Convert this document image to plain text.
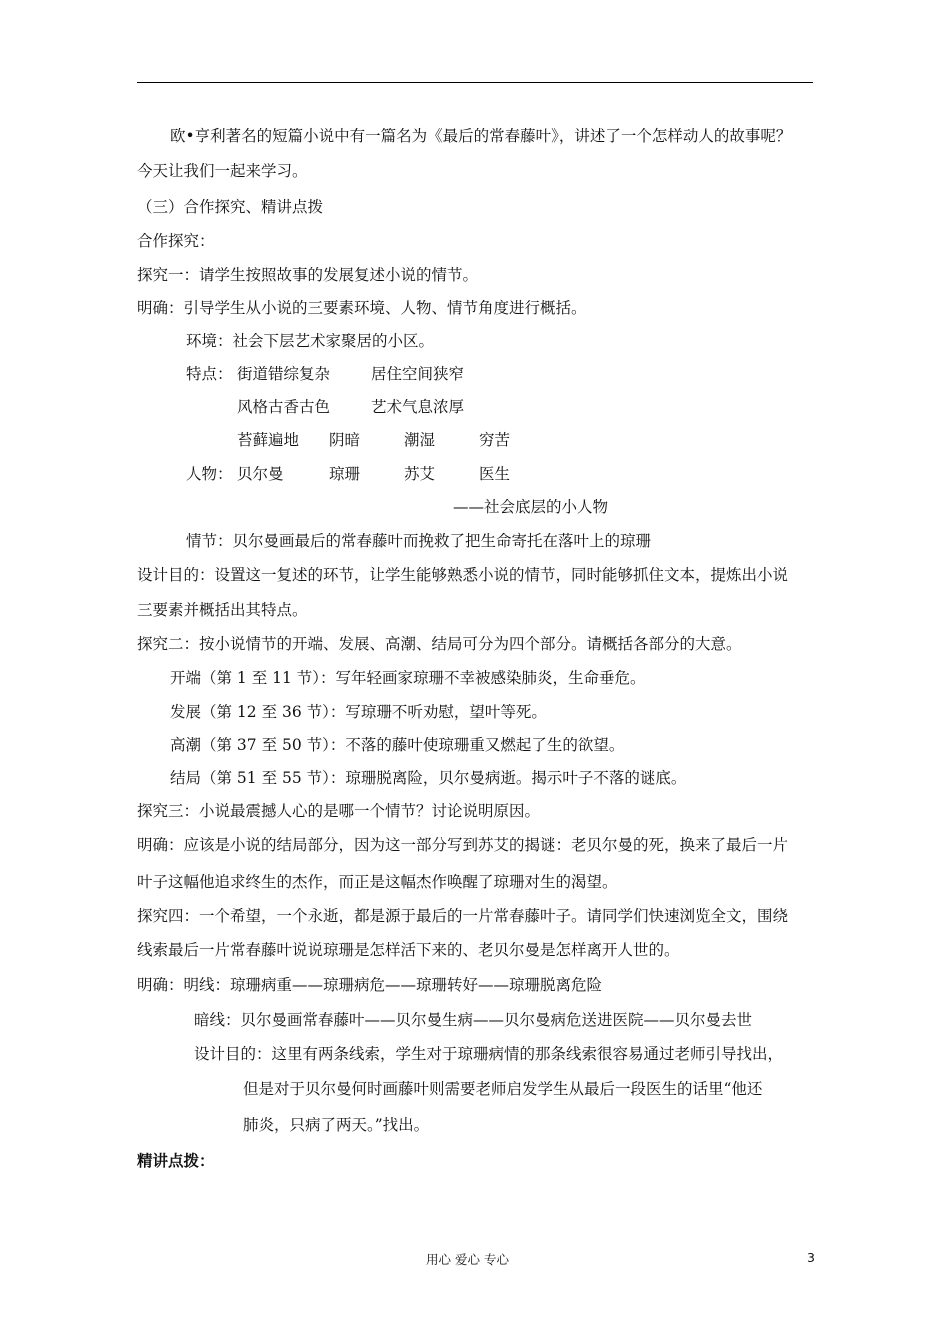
欧•亨利著名的短篇小说中有一篇名为《最后的常春藤叶》，讲述了一个怎样动人的故事呢？
今天让我们一起来学习。
（三）合作探究、精讲点拨
合作探究：
探究一：请学生按照故事的发展复述小说的情节。
明确：引导学生从小说的三要素环境、人物、情节角度进行概括。
环境：社会下层艺术家聚居的小区。
特点： 街道错综复杂	居住空间狭窄
风格古香古色	艺术气息浓厚
苔藓遍地 阴暗	潮湿	穷苦
人物： 贝尔曼	琼珊	苏艾	医生
——社会底层的小人物
情节：贝尔曼画最后的常春藤叶而挽救了把生命寄托在落叶上的琼珊
设计目的：设置这一复述的环节，让学生能够熟悉小说的情节，同时能够抓住文本，提炼出小说
三要素并概括出其特点。
探究二：按小说情节的开端、发展、高潮、结局可分为四个部分。请概括各部分的大意。
开端（第 1 至 11 节）：写年轻画家琼珊不幸被感染肺炎，生命垂危。
发展（第 12 至 36 节）：写琼珊不听劝慰，望叶等死。
高潮（第 37 至 50 节）：不落的藤叶使琼珊重又燃起了生的欲望。
结局（第 51 至 55 节）：琼珊脱离险，贝尔曼病逝。揭示叶子不落的谜底。
探究三：小说最震撼人心的是哪一个情节？讨论说明原因。
明确：应该是小说的结局部分，因为这一部分写到苏艾的揭谜：老贝尔曼的死，换来了最后一片
叶子这幅他追求终生的杰作，而正是这幅杰作唤醒了琼珊对生的渴望。
探究四：一个希望，一个永逝，都是源于最后的一片常春藤叶子。请同学们快速浏览全文，围绕
线索最后一片常春藤叶说说琼珊是怎样活下来的、老贝尔曼是怎样离开人世的。
明确：明线：琼珊病重——琼珊病危——琼珊转好——琼珊脱离危险
暗线：贝尔曼画常春藤叶——贝尔曼生病——贝尔曼病危送进医院——贝尔曼去世
设计目的：这里有两条线索，学生对于琼珊病情的那条线索很容易通过老师引导找出，
但是对于贝尔曼何时画藤叶则需要老师启发学生从最后一段医生的话里“他还
肺炎，只病了两天。”找出。
精讲点拨：
用心 爱心 专心	3
